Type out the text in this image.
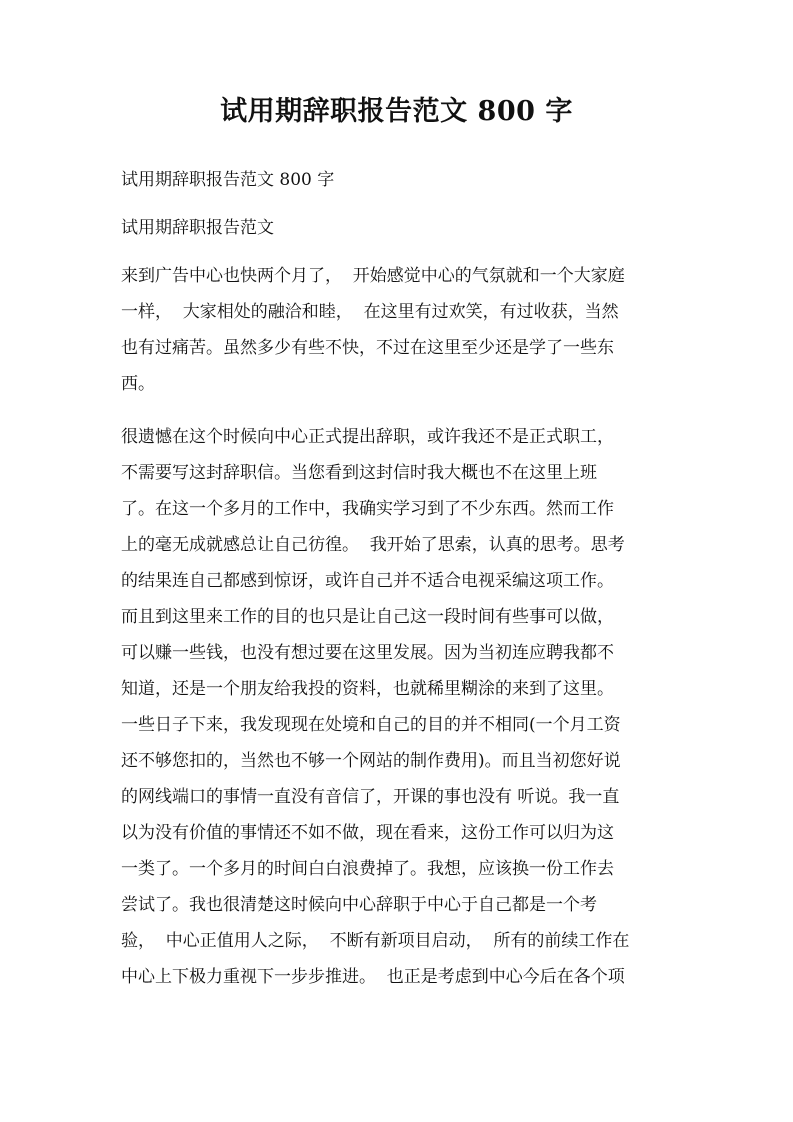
试用期辞职报告范文 800 字
试用期辞职报告范文 800 字
试用期辞职报告范文
来到广告中心也快两个月了，  开始感觉中心的气氛就和一个大家庭
一样，  大家相处的融洽和睦，  在这里有过欢笑，有过收获，当然
也有过痛苦。虽然多少有些不快，不过在这里至少还是学了一些东
西。
很遗憾在这个时候向中心正式提出辞职，或许我还不是正式职工，
不需要写这封辞职信。当您看到这封信时我大概也不在这里上班
了。在这一个多月的工作中，我确实学习到了不少东西。然而工作
上的毫无成就感总让自己彷徨。  我开始了思索，认真的思考。思考
的结果连自己都感到惊讶，或许自己并不适合电视采编这项工作。
而且到这里来工作的目的也只是让自己这一段时间有些事可以做，
可以赚一些钱，也没有想过要在这里发展。因为当初连应聘我都不
知道，还是一个朋友给我投的资料，也就稀里糊涂的来到了这里。
一些日子下来，我发现现在处境和自己的目的并不相同(一个月工资
还不够您扣的，当然也不够一个网站的制作费用)。而且当初您好说
的网线端口的事情一直没有音信了，开课的事也没有 听说。我一直
以为没有价值的事情还不如不做，现在看来，这份工作可以归为这
一类了。一个多月的时间白白浪费掉了。我想，应该换一份工作去
尝试了。我也很清楚这时候向中心辞职于中心于自己都是一个考
验，  中心正值用人之际，  不断有新项目启动，  所有的前续工作在
中心上下极力重视下一步步推进。  也正是考虑到中心今后在各个项
